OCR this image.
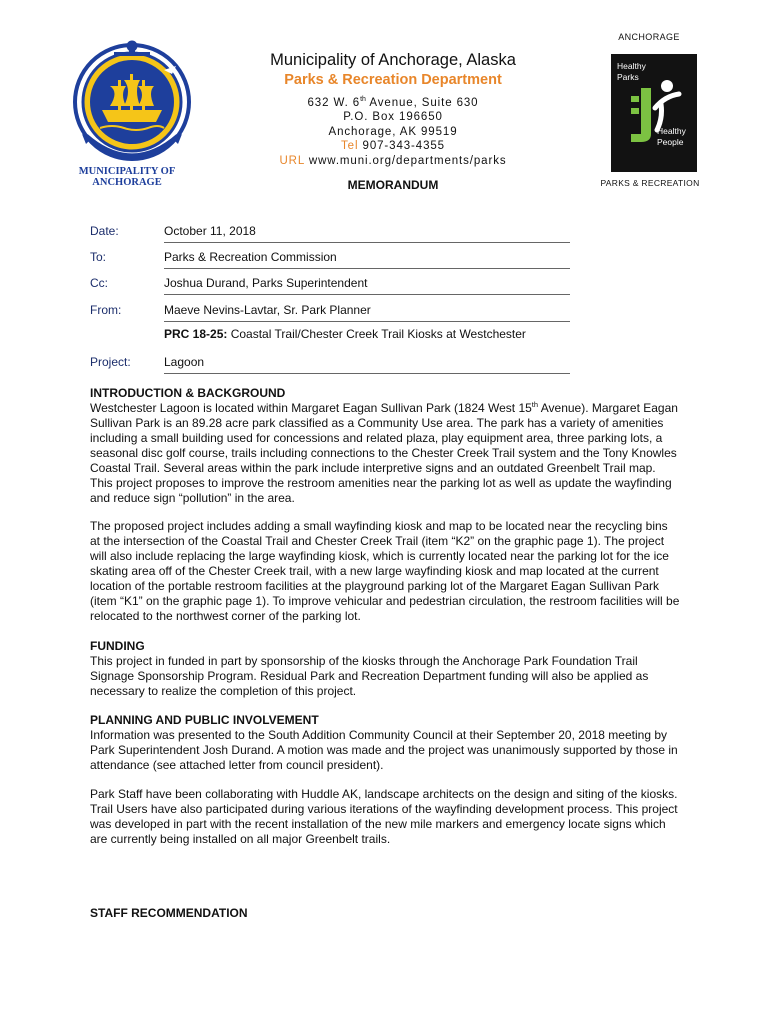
MUNICIPALITY OF
ANCHORAGE
Municipality of Anchorage, Alaska
Parks & Recreation Department
632 W. 6th Avenue, Suite 630
P.O. Box 196650
Anchorage, AK 99519
Tel 907-343-4355
URL www.muni.org/departments/parks
MEMORANDUM
ANCHORAGE
Healthy
Parks
Healthy
People
PARKS & RECREATION
Date:	October 11, 2018
To:	Parks & Recreation Commission
Cc:	Joshua Durand, Parks Superintendent
From:	Maeve Nevins-Lavtar, Sr. Park Planner
PRC 18-25: Coastal Trail/Chester Creek Trail Kiosks at Westchester
Project:	Lagoon
INTRODUCTION & BACKGROUND

Westchester Lagoon is located within Margaret Eagan Sullivan Park (1824 West 15th Avenue). Margaret Eagan Sullivan Park is an 89.28 acre park classified as a Community Use area. The park has a variety of amenities including a small building used for concessions and related plaza, play equipment area, three parking lots, a seasonal disc golf course, trails including connections to the Chester Creek Trail system and the Tony Knowles Coastal Trail. Several areas within the park include interpretive signs and an outdated Greenbelt Trail map. This project proposes to improve the restroom amenities near the parking lot as well as update the wayfinding and reduce sign “pollution” in the area.

The proposed project includes adding a small wayfinding kiosk and map to be located near the recycling bins at the intersection of the Coastal Trail and Chester Creek Trail (item “K2” on the graphic page 1). The project will also include replacing the large wayfinding kiosk, which is currently located near the parking lot for the ice skating area off of the Chester Creek trail, with a new large wayfinding kiosk and map located at the current location of the portable restroom facilities at the playground parking lot of the Margaret Eagan Sullivan Park (item “K1” on the graphic page 1). To improve vehicular and pedestrian circulation, the restroom facilities will be relocated to the northwest corner of the parking lot.
FUNDING

This project in funded in part by sponsorship of the kiosks through the Anchorage Park Foundation Trail Signage Sponsorship Program. Residual Park and Recreation Department funding will also be applied as necessary to realize the completion of this project.

PLANNING AND PUBLIC INVOLVEMENT

Information was presented to the South Addition Community Council at their September 20, 2018 meeting by Park Superintendent Josh Durand. A motion was made and the project was unanimously supported by those in attendance (see attached letter from council president).

Park Staff have been collaborating with Huddle AK, landscape architects on the design and siting of the kiosks. Trail Users have also participated during various iterations of the wayfinding development process. This project was developed in part with the recent installation of the new mile markers and emergency locate signs which are currently being installed on all major Greenbelt trails.
STAFF RECOMMENDATION
